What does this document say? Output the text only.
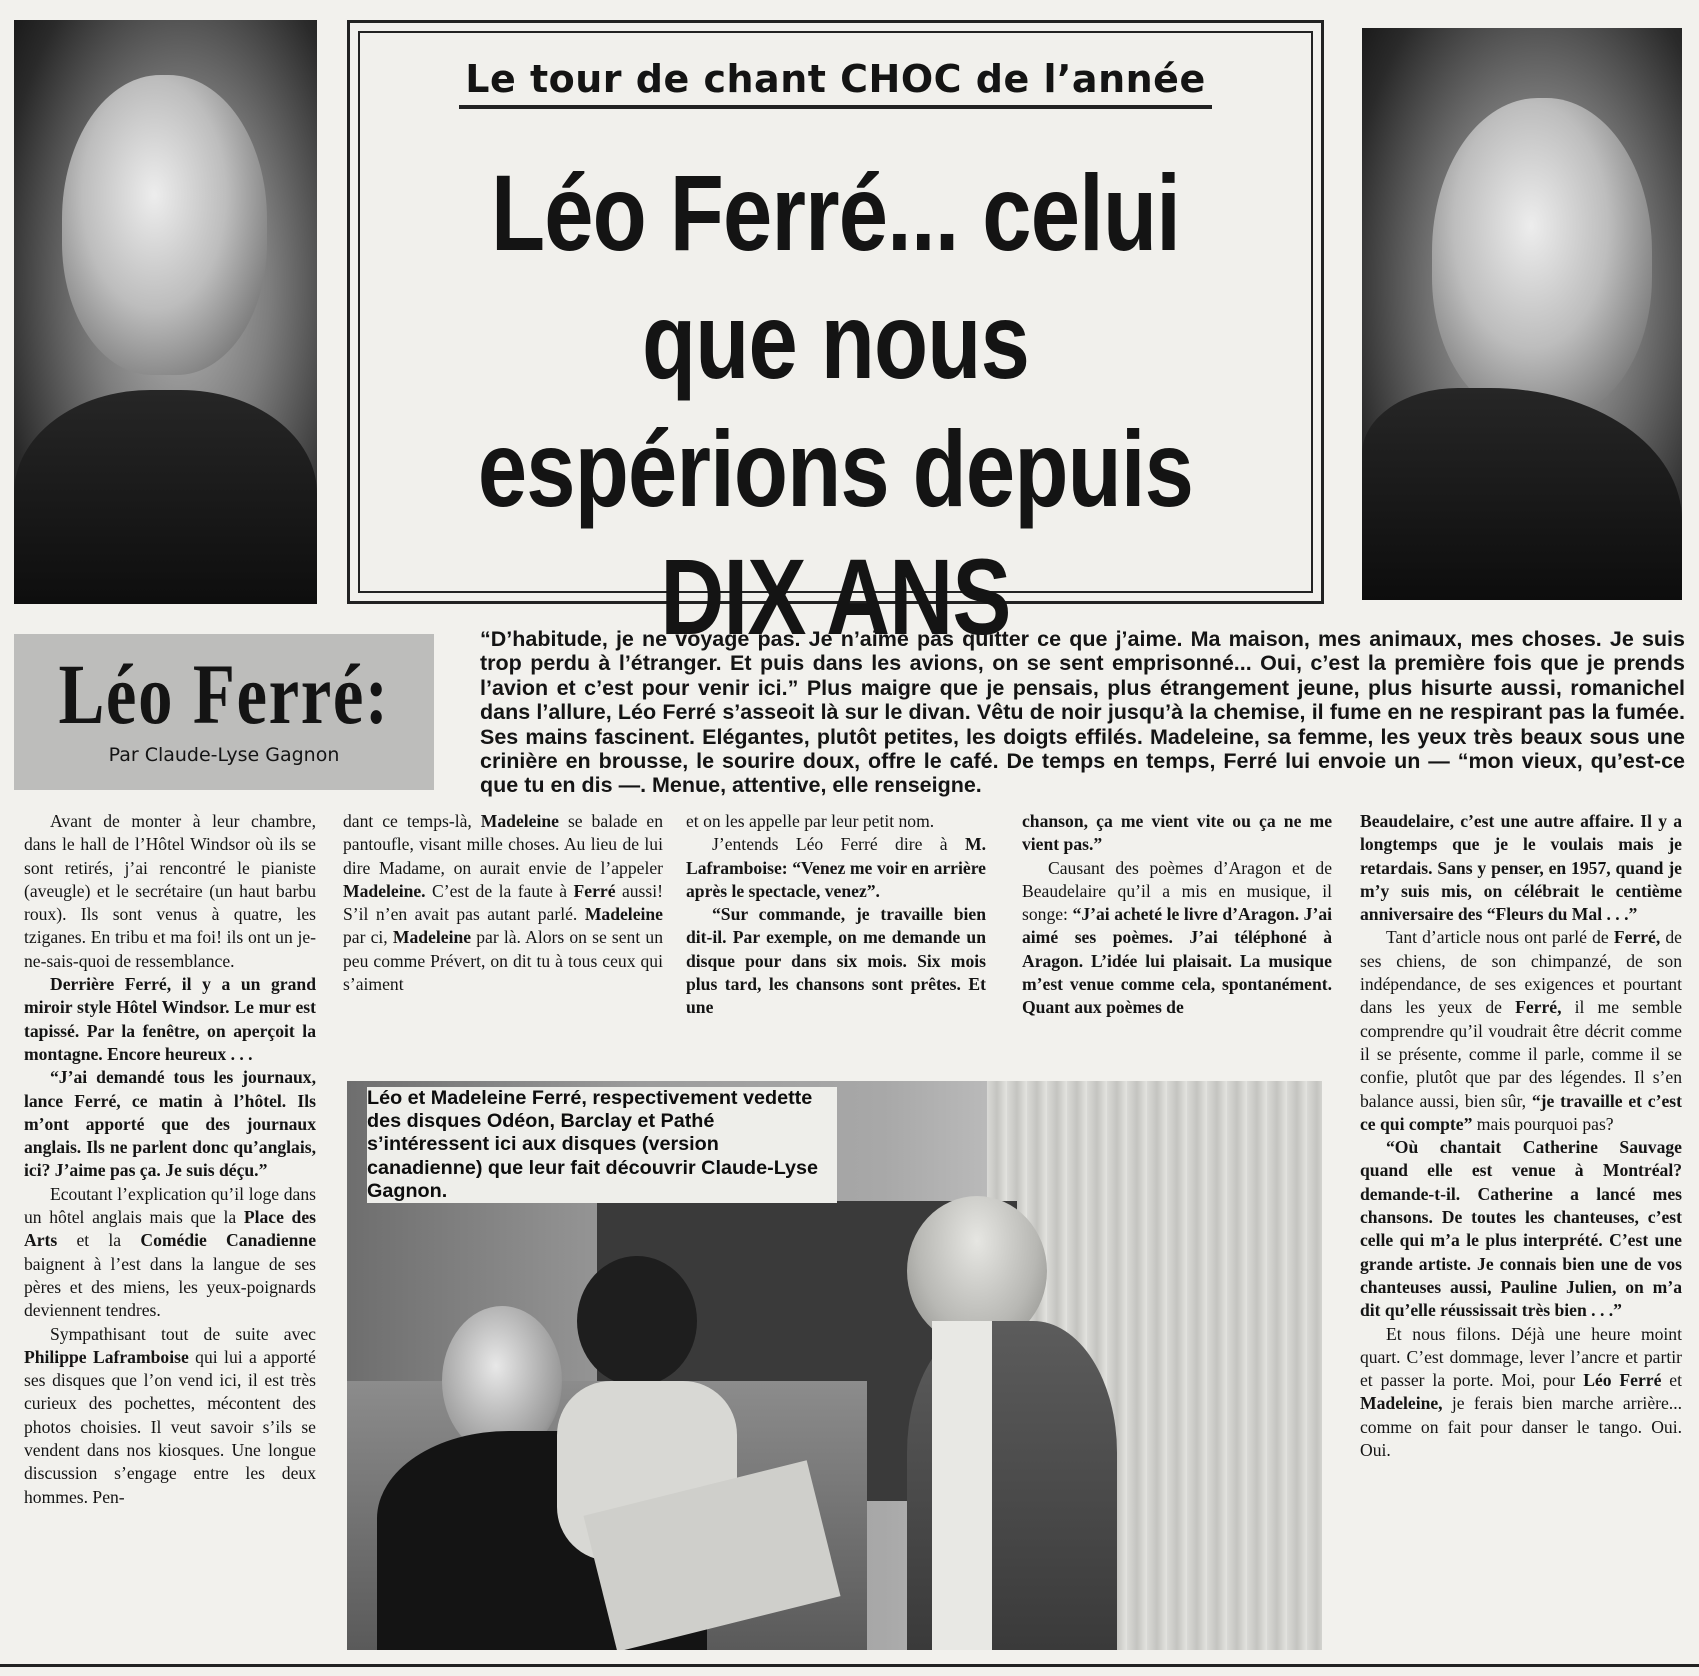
Le tour de chant CHOC de l’année
Léo Ferré... celui que nous espérions depuis DIX ANS
Léo Ferré:
Par Claude-Lyse Gagnon
“D’habitude, je ne voyage pas. Je n’aime pas quitter ce que j’aime. Ma maison, mes animaux, mes choses. Je suis trop perdu à l’étranger. Et puis dans les avions, on se sent emprisonné... Oui, c’est la première fois que je prends l’avion et c’est pour venir ici.” Plus maigre que je pensais, plus étrangement jeune, plus hisurte aussi, romanichel dans l’allure, Léo Ferré s’asseoit là sur le divan. Vêtu de noir jusqu’à la chemise, il fume en ne respirant pas la fumée. Ses mains fascinent. Elégantes, plutôt petites, les doigts effilés. Madeleine, sa femme, les yeux très beaux sous une crinière en brousse, le sourire doux, offre le café. De temps en temps, Ferré lui envoie un — “mon vieux, qu’est-ce que tu en dis —. Menue, attentive, elle renseigne.

Avant de monter à leur chambre, dans le hall de l’Hôtel Windsor où ils se sont retirés, j’ai rencontré le pianiste (aveugle) et le secrétaire (un haut barbu roux). Ils sont venus à quatre, les tziganes. En tribu et ma foi! ils ont un je-ne-sais-quoi de ressemblance.

Derrière Ferré, il y a un grand miroir style Hôtel Windsor. Le mur est tapissé. Par la fenêtre, on aperçoit la montagne. Encore heureux . . .

“J’ai demandé tous les journaux, lance Ferré, ce matin à l’hôtel. Ils m’ont apporté que des journaux anglais. Ils ne parlent donc qu’anglais, ici? J’aime pas ça. Je suis déçu.”

Ecoutant l’explication qu’il loge dans un hôtel anglais mais que la Place des Arts et la Comédie Canadienne baignent à l’est dans la langue de ses pères et des miens, les yeux-poignards deviennent tendres.

Sympathisant tout de suite avec Philippe Laframboise qui lui a apporté ses disques que l’on vend ici, il est très curieux des pochettes, mécontent des photos choisies. Il veut savoir s’ils se vendent dans nos kiosques. Une longue discussion s’engage entre les deux hommes. Pen-

dant ce temps-là, Madeleine se balade en pantoufle, visant mille choses. Au lieu de lui dire Madame, on aurait envie de l’appeler Madeleine. C’est de la faute à Ferré aussi! S’il n’en avait pas autant parlé. Madeleine par ci, Madeleine par là. Alors on se sent un peu comme Prévert, on dit tu à tous ceux qui s’aiment

et on les appelle par leur petit nom.

J’entends Léo Ferré dire à M. Laframboise: “Venez me voir en arrière après le spectacle, venez”.

“Sur commande, je travaille bien dit-il. Par exemple, on me demande un disque pour dans six mois. Six mois plus tard, les chansons sont prêtes. Et une

chanson, ça me vient vite ou ça ne me vient pas.”

Causant des poèmes d’Aragon et de Beaudelaire qu’il a mis en musique, il songe: “J’ai acheté le livre d’Aragon. J’ai aimé ses poèmes. J’ai téléphoné à Aragon. L’idée lui plaisait. La musique m’est venue comme cela, spontanément. Quant aux poèmes de

Beaudelaire, c’est une autre affaire. Il y a longtemps que je le voulais mais je retardais. Sans y penser, en 1957, quand je m’y suis mis, on célébrait le centième anniversaire des “Fleurs du Mal . . .”

Tant d’article nous ont parlé de Ferré, de ses chiens, de son chimpanzé, de son indépendance, de ses exigences et pourtant dans les yeux de Ferré, il me semble comprendre qu’il voudrait être décrit comme il se présente, comme il parle, comme il se confie, plutôt que par des légendes. Il s’en balance aussi, bien sûr, “je travaille et c’est ce qui compte” mais pourquoi pas?

“Où chantait Catherine Sauvage quand elle est venue à Montréal? demande-t-il. Catherine a lancé mes chansons. De toutes les chanteuses, c’est celle qui m’a le plus interprété. C’est une grande artiste. Je connais bien une de vos chanteuses aussi, Pauline Julien, on m’a dit qu’elle réussissait très bien . . .”

Et nous filons. Déjà une heure moint quart. C’est dommage, lever l’ancre et partir et passer la porte. Moi, pour Léo Ferré et Madeleine, je ferais bien marche arrière... comme on fait pour danser le tango. Oui. Oui.

Léo et Madeleine Ferré, respectivement vedette des disques Odéon, Barclay et Pathé s’intéressent ici aux disques (version canadienne) que leur fait découvrir Claude-Lyse Gagnon.
